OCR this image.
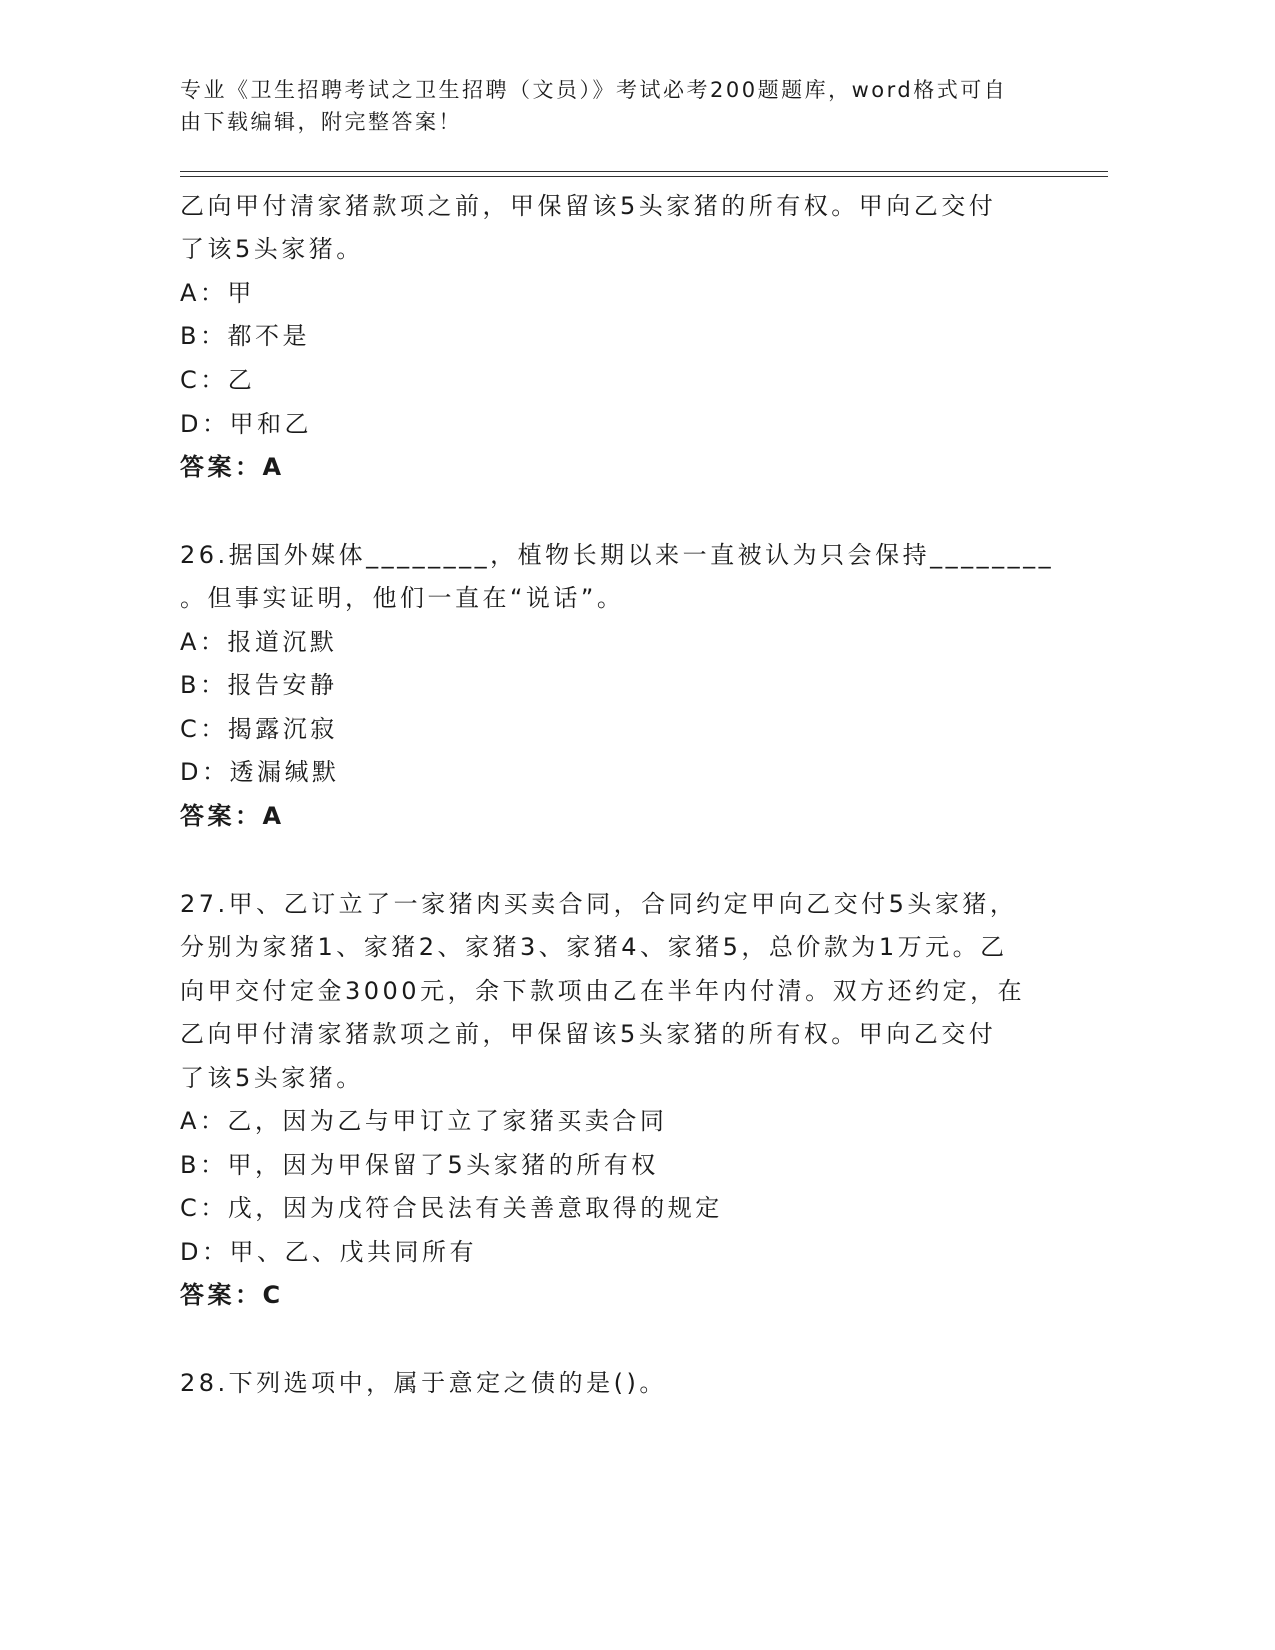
专业《卫生招聘考试之卫生招聘（文员）》考试必考200题题库，word格式可自
由下载编辑，附完整答案！
乙向甲付清家猪款项之前，甲保留该5头家猪的所有权。甲向乙交付
了该5头家猪。
A：甲
B：都不是
C：乙
D：甲和乙
答案：A
26.据国外媒体________，植物长期以来一直被认为只会保持________
。但事实证明，他们一直在“说话”。
A：报道沉默
B：报告安静
C：揭露沉寂
D：透漏缄默
答案：A
27.甲、乙订立了一家猪肉买卖合同，合同约定甲向乙交付5头家猪，
分别为家猪1、家猪2、家猪3、家猪4、家猪5，总价款为1万元。乙
向甲交付定金3000元，余下款项由乙在半年内付清。双方还约定，在
乙向甲付清家猪款项之前，甲保留该5头家猪的所有权。甲向乙交付
了该5头家猪。
A：乙，因为乙与甲订立了家猪买卖合同
B：甲，因为甲保留了5头家猪的所有权
C：戊，因为戊符合民法有关善意取得的规定
D：甲、乙、戊共同所有
答案：C
28.下列选项中，属于意定之债的是()。
